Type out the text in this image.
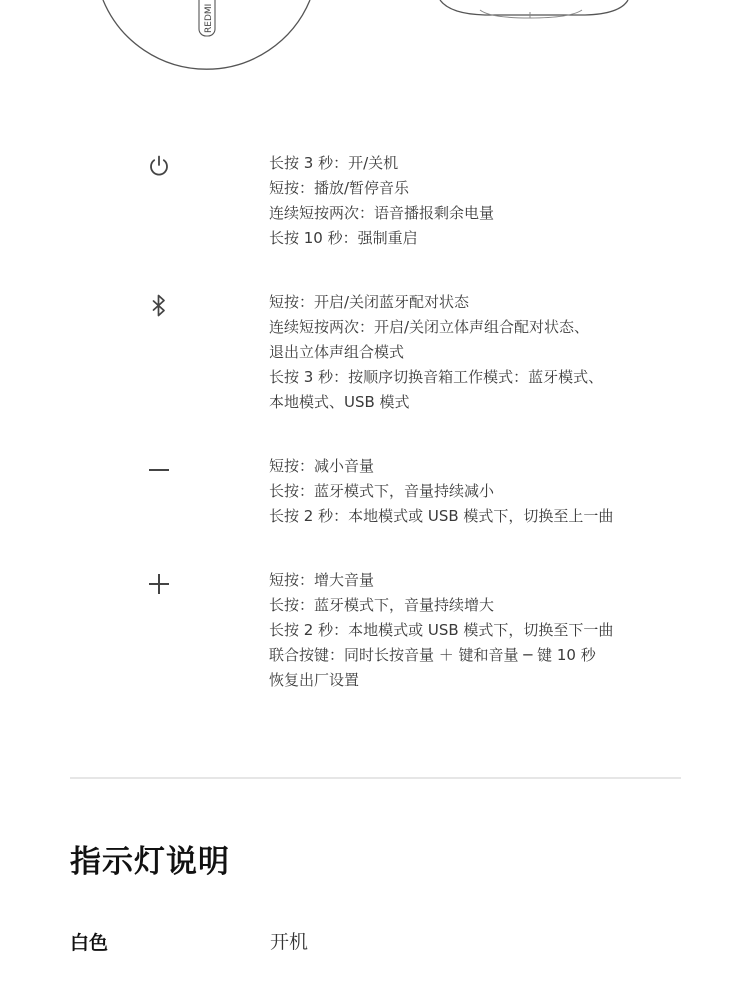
REDMI
长按 3 秒：开/关机
短按：播放/暂停音乐
连续短按两次：语音播报剩余电量
长按 10 秒：强制重启
短按：开启/关闭蓝牙配对状态
连续短按两次：开启/关闭立体声组合配对状态、
退出立体声组合模式
长按 3 秒：按顺序切换音箱工作模式：蓝牙模式、
本地模式、USB 模式
短按：减小音量
长按：蓝牙模式下，音量持续减小
长按 2 秒：本地模式或 USB 模式下，切换至上一曲
短按：增大音量
长按：蓝牙模式下，音量持续增大
长按 2 秒：本地模式或 USB 模式下，切换至下一曲
联合按键：同时长按音量 ＋ 键和音量 ─ 键 10 秒
恢复出厂设置
指示灯说明
白色	开机
